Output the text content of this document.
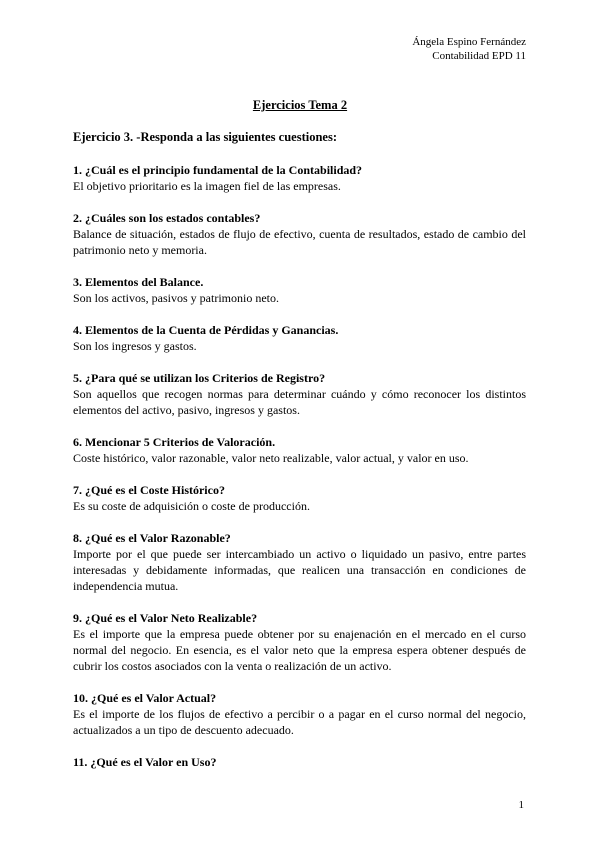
Ángela Espino Fernández
Contabilidad EPD 11
Ejercicios Tema 2
Ejercicio 3. -Responda a las siguientes cuestiones:
1. ¿Cuál es el principio fundamental de la Contabilidad?
El objetivo prioritario es la imagen fiel de las empresas.
2. ¿Cuáles son los estados contables?
Balance de situación, estados de flujo de efectivo, cuenta de resultados, estado de cambio del patrimonio neto y memoria.
3. Elementos del Balance.
Son los activos, pasivos y patrimonio neto.
4. Elementos de la Cuenta de Pérdidas y Ganancias.
Son los ingresos y gastos.
5. ¿Para qué se utilizan los Criterios de Registro?
Son aquellos que recogen normas para determinar cuándo y cómo reconocer los distintos elementos del activo, pasivo, ingresos y gastos.
6. Mencionar 5 Criterios de Valoración.
Coste histórico, valor razonable, valor neto realizable, valor actual, y valor en uso.
7. ¿Qué es el Coste Histórico?
Es su coste de adquisición o coste de producción.
8. ¿Qué es el Valor Razonable?
Importe por el que puede ser intercambiado un activo o liquidado un pasivo, entre partes interesadas y debidamente informadas, que realicen una transacción en condiciones de independencia mutua.
9. ¿Qué es el Valor Neto Realizable?
Es el importe que la empresa puede obtener por su enajenación en el mercado en el curso normal del negocio. En esencia, es el valor neto que la empresa espera obtener después de cubrir los costos asociados con la venta o realización de un activo.
10. ¿Qué es el Valor Actual?
Es el importe de los flujos de efectivo a percibir o a pagar en el curso normal del negocio, actualizados a un tipo de descuento adecuado.
11. ¿Qué es el Valor en Uso?
1
